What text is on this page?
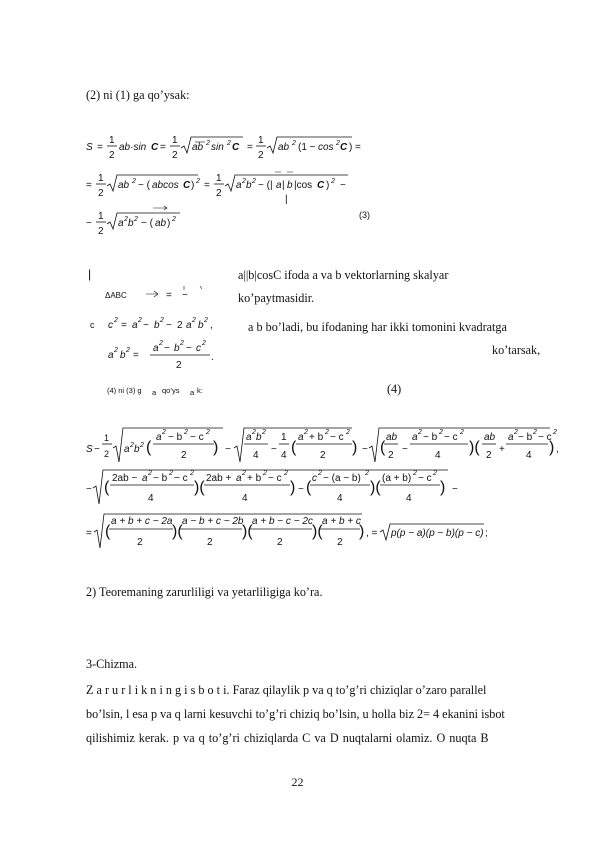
(2) ni (1) ga qo’ysak:
S =
1
2
ab·sin C =
1
2
ab 2 sin 2 C =
1
2
ab 2 (1 − cos 2 C ) =
=
1
2
ab 2 − ( abcos C ) 2 =
1
2
a 2 b 2 − (| a | b |cos C ) 2 −
|
−
1
2
a 2 b 2 − ( ab ) 2	(3)
|
ΔABC	= −
c c 2 = a 2 − b 2 − 2 a 2 b 2 ,
a 2 b 2 =
a 2 − b 2 − c 2
2
.
(4) ni (3) g a qo’ys a k:
S −
1
2 a 2 b 2 (
a 2 − b 2 − c 2
2 ) −
a 2 b 2
4
−
1
4 (
a 2 + b 2 − c 2
2 ) − (
ab
2
−
a 2 − b 2 − c 2
4 )(
ab
2
+
a 2 − b 2 − c 2
4 ) ,
− (
2ab − a 2 − b 2 − c 2
4
)(
2ab + a 2 + b 2 − c 2
4
) − (
c 2 − (a − b) 2
4
)(
(a + b) 2 − c 2
4
) −
= (
a + b + c − 2a
2
)(
a − b + c − 2b
2
)(
a + b − c − 2c
2
)(
a + b + c
2
) , = p(p − a)(p − b)(p − c) ;
a||b|cosC ifoda a va b vektorlarning skalyar
ko’paytmasidir.
a b bo’ladi, bu ifodaning har ikki tomonini kvadratga
ko’tarsak,
(4)
2) Teoremaning zarurliligi va yetarliligiga ko’ra.
3-Chizma.
Z a r u r l i k n i n g i s b o t i. Faraz qilaylik p va q to’g’ri chiziqlar o’zaro parallel
bo’lsin, l esa p va q larni kesuvchi to’g’ri chiziq bo’lsin, u holla biz 2= 4 ekanini isbot
qilishimiz kerak. p va q to’g’ri chiziqlarda C va D nuqtalarni olamiz. O nuqta B
22
